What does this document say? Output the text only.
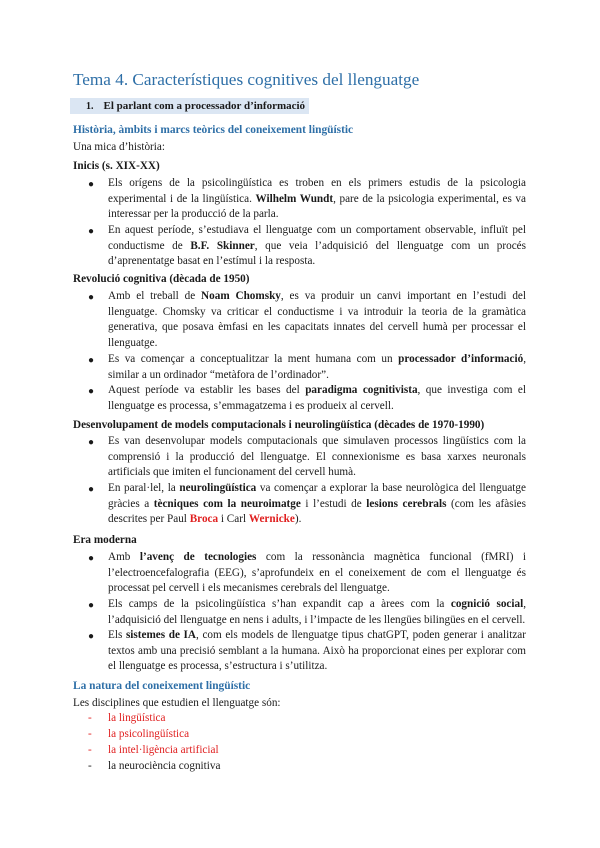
Tema 4. Característiques cognitives del llenguatge
1. El parlant com a processador d’informació

Història, àmbits i marcs teòrics del coneixement lingüístic

Una mica d’història:

Inicis (s. XIX-XX)

● Els orígens de la psicolingüística es troben en els primers estudis de la psicologia experimental i de la lingüística. Wilhelm Wundt, pare de la psicologia experimental, es va interessar per la producció de la parla.

● En aquest període, s’estudiava el llenguatge com un comportament observable, influït pel conductisme de B.F. Skinner, que veia l’adquisició del llenguatge com un procés d’aprenentatge basat en l’estímul i la resposta.

Revolució cognitiva (dècada de 1950)

● Amb el treball de Noam Chomsky, es va produir un canvi important en l’estudi del llenguatge. Chomsky va criticar el conductisme i va introduir la teoria de la gramàtica generativa, que posava èmfasi en les capacitats innates del cervell humà per processar el llenguatge.

● Es va començar a conceptualitzar la ment humana com un processador d’informació, similar a un ordinador “metàfora de l’ordinador”.

● Aquest període va establir les bases del paradigma cognitivista, que investiga com el llenguatge es processa, s’emmagatzema i es produeix al cervell.

Desenvolupament de models computacionals i neurolingüística (dècades de 1970-1990)

● Es van desenvolupar models computacionals que simulaven processos lingüístics com la comprensió i la producció del llenguatge. El connexionisme es basa xarxes neuronals artificials que imiten el funcionament del cervell humà.

● En paral·lel, la neurolingüística va començar a explorar la base neurològica del llenguatge gràcies a tècniques com la neuroimatge i l’estudi de lesions cerebrals (com les afàsies descrites per Paul Broca i Carl Wernicke).

Era moderna

● Amb l’avenç de tecnologies com la ressonància magnètica funcional (fMRI) i l’electroencefalografia (EEG), s’aprofundeix en el coneixement de com el llenguatge és processat pel cervell i els mecanismes cerebrals del llenguatge.

● Els camps de la psicolingüística s’han expandit cap a àrees com la cognició social, l’adquisició del llenguatge en nens i adults, i l’impacte de les llengües bilingües en el cervell.

● Els sistemes de IA, com els models de llenguatge tipus chatGPT, poden generar i analitzar textos amb una precisió semblant a la humana. Això ha proporcionat eines per explorar com el llenguatge es processa, s’estructura i s’utilitza.

La natura del coneixement lingüístic

Les disciplines que estudien el llenguatge són:

- la lingüística

- la psicolingüística

- la intel·ligència artificial

- la neurociència cognitiva
